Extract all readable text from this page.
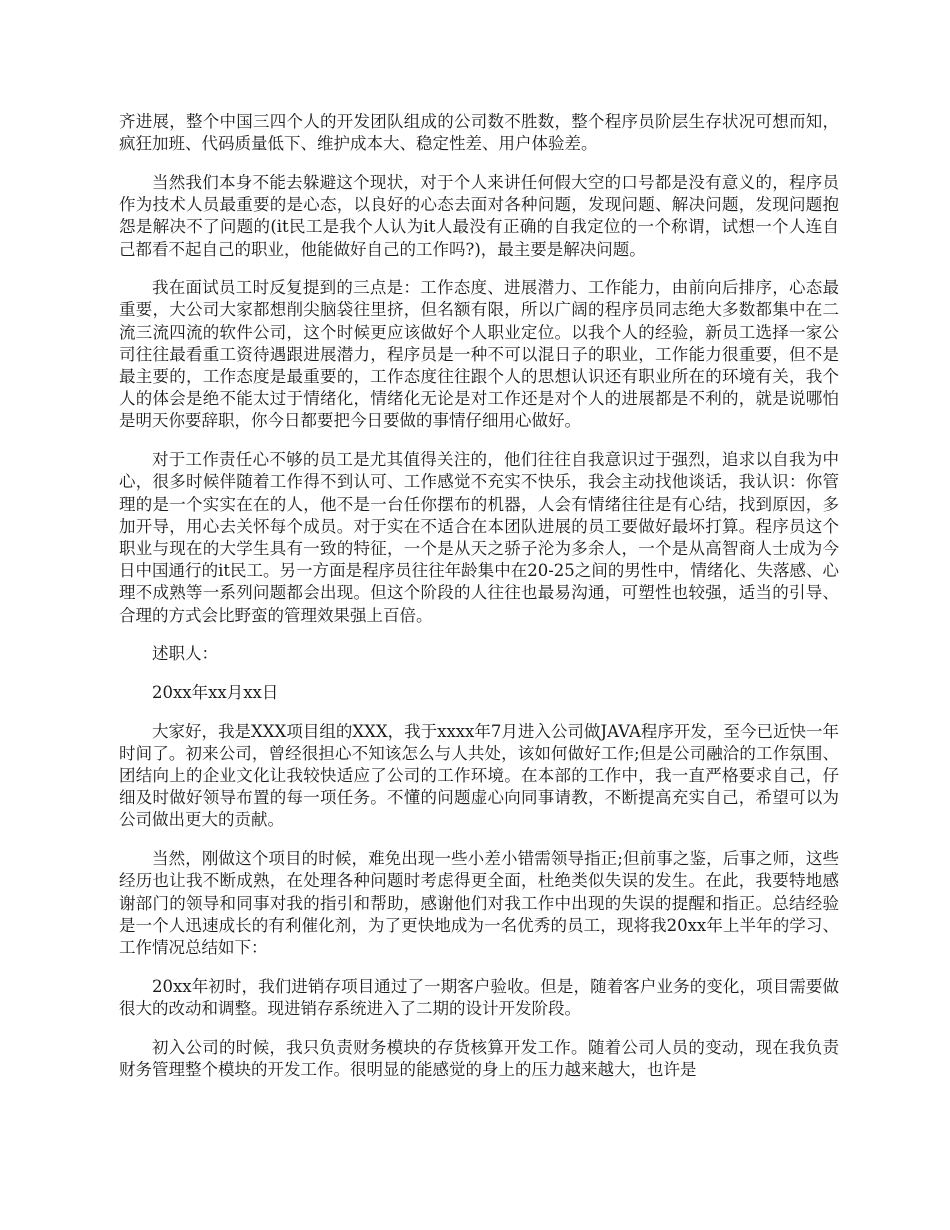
齐进展，整个中国三四个人的开发团队组成的公司数不胜数，整个程序员阶层生存状况可想而知，疯狂加班、代码质量低下、维护成本大、稳定性差、用户体验差。

当然我们本身不能去躲避这个现状，对于个人来讲任何假大空的口号都是没有意义的，程序员作为技术人员最重要的是心态，以良好的心态去面对各种问题，发现问题、解决问题，发现问题抱怨是解决不了问题的(it民工是我个人认为it人最没有正确的自我定位的一个称谓，试想一个人连自己都看不起自己的职业，他能做好自己的工作吗?)，最主要是解决问题。

我在面试员工时反复提到的三点是：工作态度、进展潜力、工作能力，由前向后排序，心态最重要，大公司大家都想削尖脑袋往里挤，但名额有限，所以广阔的程序员同志绝大多数都集中在二流三流四流的软件公司，这个时候更应该做好个人职业定位。以我个人的经验，新员工选择一家公司往往最看重工资待遇跟进展潜力，程序员是一种不可以混日子的职业，工作能力很重要，但不是最主要的，工作态度是最重要的，工作态度往往跟个人的思想认识还有职业所在的环境有关，我个人的体会是绝不能太过于情绪化，情绪化无论是对工作还是对个人的进展都是不利的，就是说哪怕是明天你要辞职，你今日都要把今日要做的事情仔细用心做好。

对于工作责任心不够的员工是尤其值得关注的，他们往往自我意识过于强烈，追求以自我为中心，很多时候伴随着工作得不到认可、工作感觉不充实不快乐，我会主动找他谈话，我认识：你管理的是一个实实在在的人，他不是一台任你摆布的机器，人会有情绪往往是有心结，找到原因，多加开导，用心去关怀每个成员。对于实在不适合在本团队进展的员工要做好最坏打算。程序员这个职业与现在的大学生具有一致的特征，一个是从天之骄子沦为多余人，一个是从高智商人士成为今日中国通行的it民工。另一方面是程序员往往年龄集中在20-25之间的男性中，情绪化、失落感、心理不成熟等一系列问题都会出现。但这个阶段的人往往也最易沟通，可塑性也较强，适当的引导、合理的方式会比野蛮的管理效果强上百倍。

述职人：

20xx年xx月xx日

大家好，我是XXX项目组的XXX，我于xxxx年7月进入公司做JAVA程序开发，至今已近快一年时间了。初来公司，曾经很担心不知该怎么与人共处，该如何做好工作;但是公司融洽的工作氛围、团结向上的企业文化让我较快适应了公司的工作环境。在本部的工作中，我一直严格要求自己，仔细及时做好领导布置的每一项任务。不懂的问题虚心向同事请教，不断提高充实自己，希望可以为公司做出更大的贡献。

当然，刚做这个项目的时候，难免出现一些小差小错需领导指正;但前事之鉴，后事之师，这些经历也让我不断成熟，在处理各种问题时考虑得更全面，杜绝类似失误的发生。在此，我要特地感谢部门的领导和同事对我的指引和帮助，感谢他们对我工作中出现的失误的提醒和指正。总结经验是一个人迅速成长的有利催化剂，为了更快地成为一名优秀的员工，现将我20xx年上半年的学习、工作情况总结如下：

20xx年初时，我们进销存项目通过了一期客户验收。但是，随着客户业务的变化，项目需要做很大的改动和调整。现进销存系统进入了二期的设计开发阶段。

初入公司的时候，我只负责财务模块的存货核算开发工作。随着公司人员的变动，现在我负责财务管理整个模块的开发工作。很明显的能感觉的身上的压力越来越大，也许是
